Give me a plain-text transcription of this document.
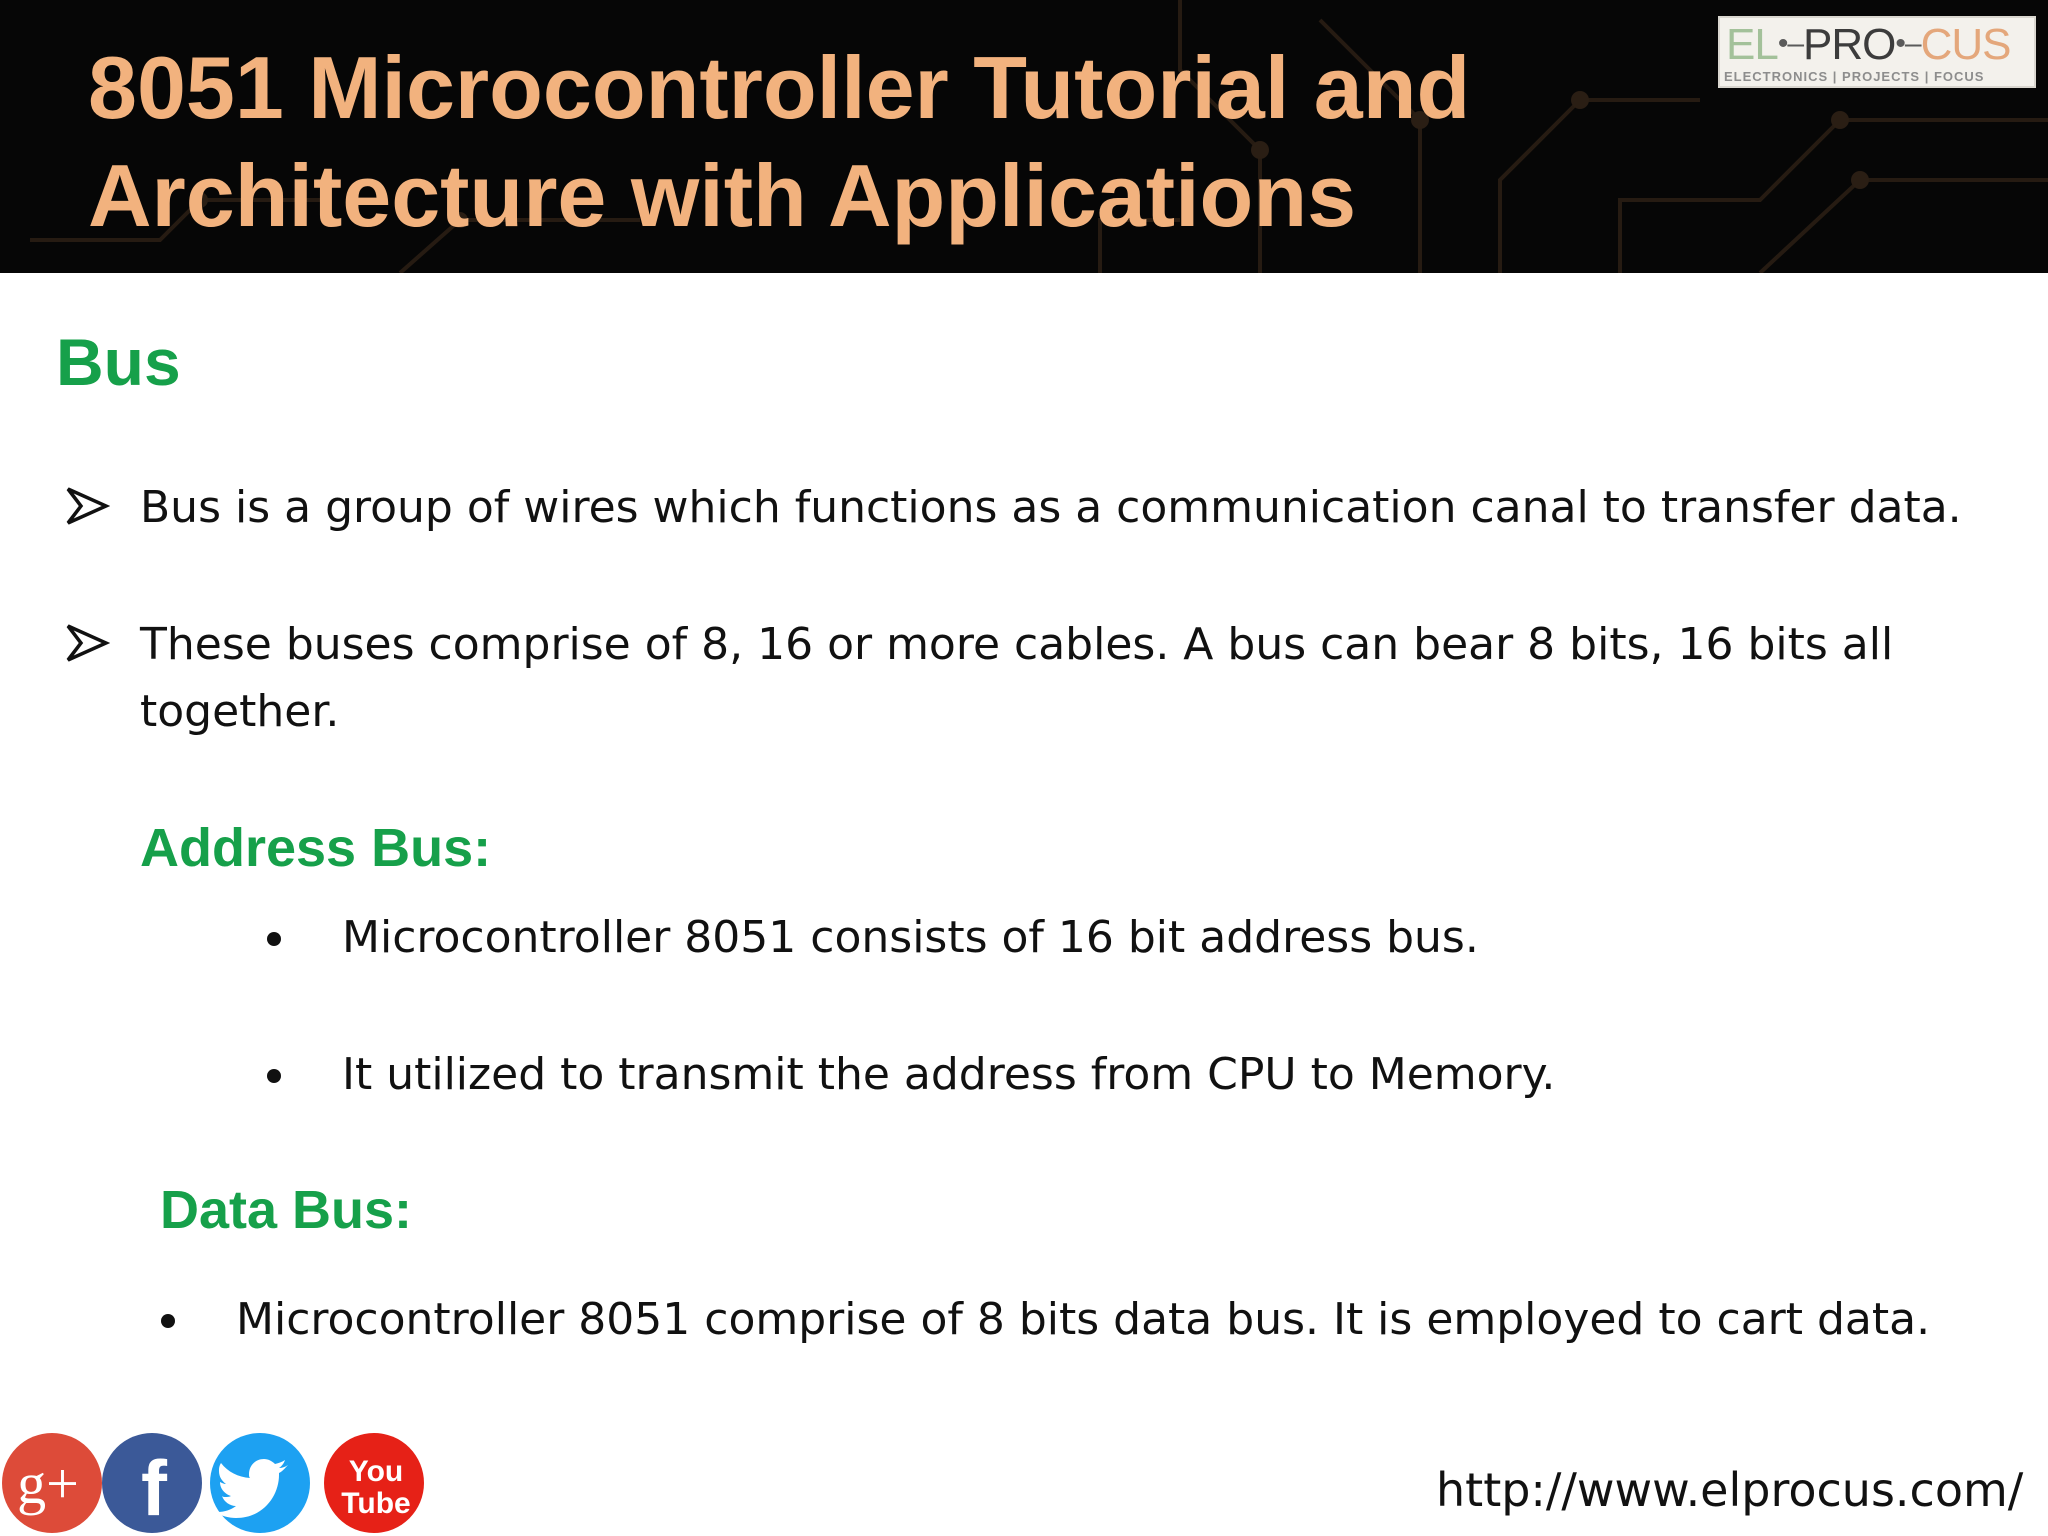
8051 Microcontroller Tutorial and
Architecture with Applications
EL•–PRO•–CUS
ELECTRONICS | PROJECTS | FOCUS
Bus
Bus is a group of wires which functions as a communication canal to transfer data.
These buses comprise of 8, 16 or more cables. A bus can bear 8 bits, 16 bits all
together.
Address Bus:
Microcontroller 8051 consists of 16 bit address bus.
It utilized to transmit the address from CPU to Memory.
Data Bus:
Microcontroller 8051 comprise of 8 bits data bus. It is employed to cart data.
g+ f	You
Tube	http://www.elprocus.com/
